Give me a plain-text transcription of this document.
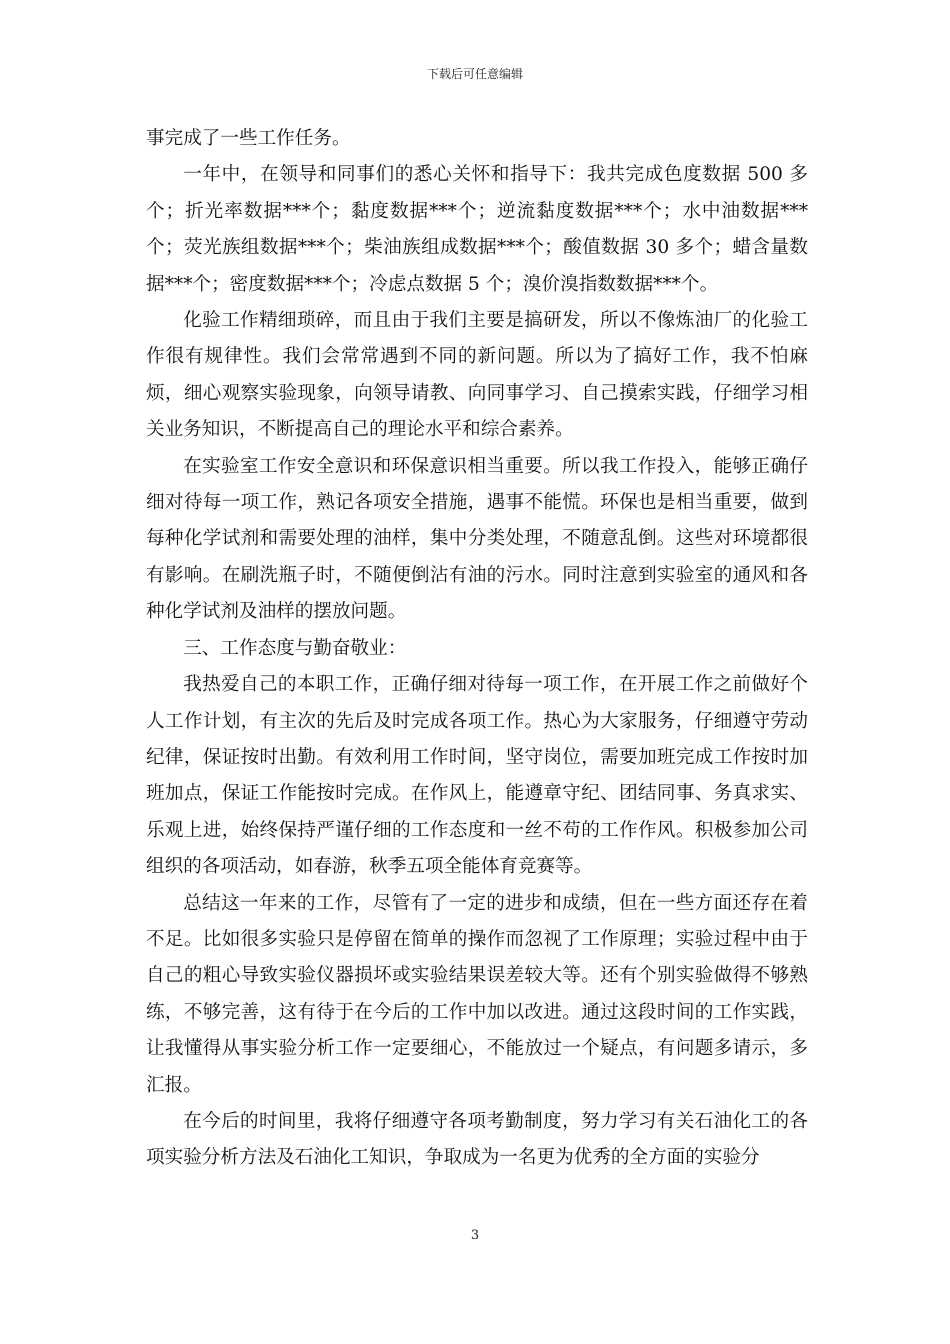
下载后可任意编辑

事完成了一些工作任务。

一年中，在领导和同事们的悉心关怀和指导下：我共完成色度数据 500 多个；折光率数据***个；黏度数据***个；逆流黏度数据***个；水中油数据***个；荧光族组数据***个；柴油族组成数据***个；酸值数据 30 多个；蜡含量数据***个；密度数据***个；冷虑点数据 5 个；溴价溴指数数据***个。

化验工作精细琐碎，而且由于我们主要是搞研发，所以不像炼油厂的化验工作很有规律性。我们会常常遇到不同的新问题。所以为了搞好工作，我不怕麻烦，细心观察实验现象，向领导请教、向同事学习、自己摸索实践，仔细学习相关业务知识，不断提高自己的理论水平和综合素养。

在实验室工作安全意识和环保意识相当重要。所以我工作投入，能够正确仔细对待每一项工作，熟记各项安全措施，遇事不能慌。环保也是相当重要，做到每种化学试剂和需要处理的油样，集中分类处理，不随意乱倒。这些对环境都很有影响。在刷洗瓶子时，不随便倒沾有油的污水。同时注意到实验室的通风和各种化学试剂及油样的摆放问题。

三、工作态度与勤奋敬业：

我热爱自己的本职工作，正确仔细对待每一项工作，在开展工作之前做好个人工作计划，有主次的先后及时完成各项工作。热心为大家服务，仔细遵守劳动纪律，保证按时出勤。有效利用工作时间，坚守岗位，需要加班完成工作按时加班加点，保证工作能按时完成。在作风上，能遵章守纪、团结同事、务真求实、乐观上进，始终保持严谨仔细的工作态度和一丝不苟的工作作风。积极参加公司组织的各项活动，如春游，秋季五项全能体育竞赛等。

总结这一年来的工作，尽管有了一定的进步和成绩，但在一些方面还存在着不足。比如很多实验只是停留在简单的操作而忽视了工作原理；实验过程中由于自己的粗心导致实验仪器损坏或实验结果误差较大等。还有个别实验做得不够熟练，不够完善，这有待于在今后的工作中加以改进。通过这段时间的工作实践，让我懂得从事实验分析工作一定要细心，不能放过一个疑点，有问题多请示，多汇报。

在今后的时间里，我将仔细遵守各项考勤制度，努力学习有关石油化工的各项实验分析方法及石油化工知识，争取成为一名更为优秀的全方面的实验分

3
